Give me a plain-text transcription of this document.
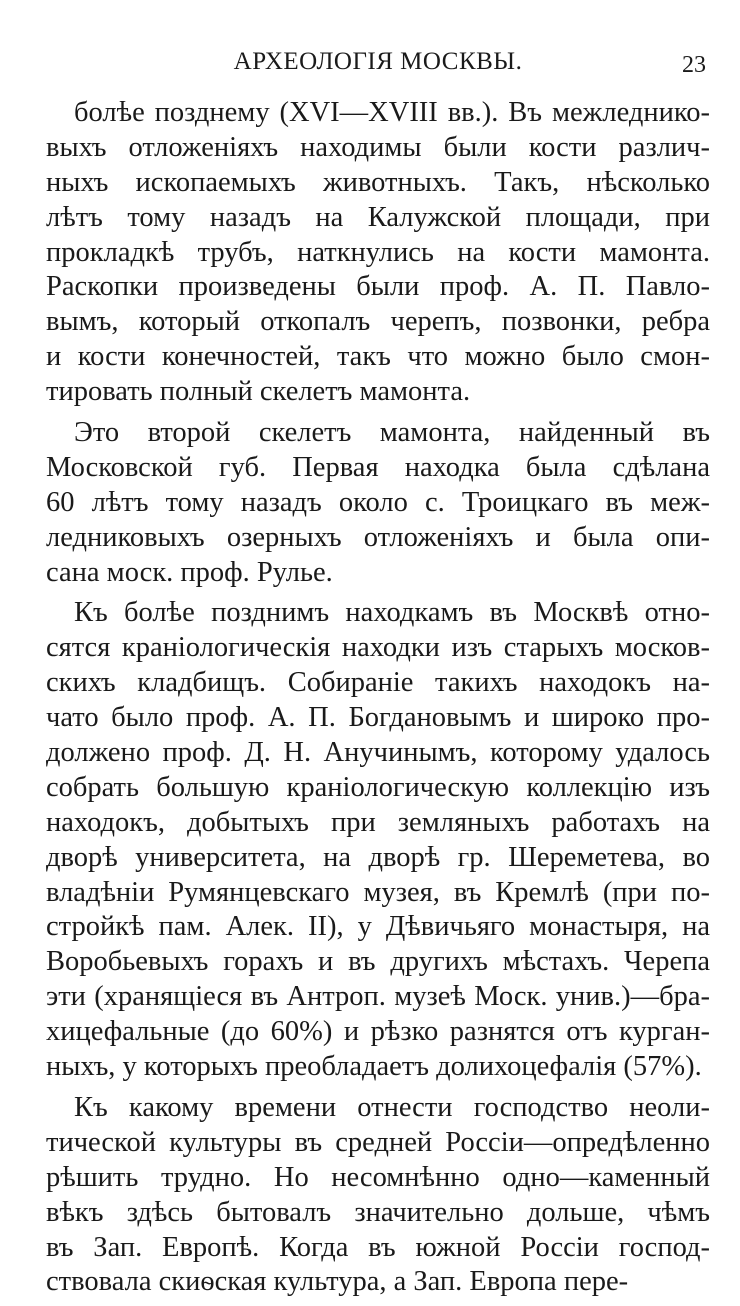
АРХЕОЛОГІЯ МОСКВЫ.	23
болѣе позднему (XVI—XVIII вв.). Въ межледнико-
выхъ отложеніяхъ находимы были кости различ-
ныхъ ископаемыхъ животныхъ. Такъ, нѣсколько
лѣтъ тому назадъ на Калужской площади, при
прокладкѣ трубъ, наткнулись на кости мамонта.
Раскопки произведены были проф. А. П. Павло-
вымъ, который откопалъ черепъ, позвонки, ребра
и кости конечностей, такъ что можно было смон-
тировать полный скелетъ мамонта.
Это второй скелетъ мамонта, найденный въ
Московской губ. Первая находка была сдѣлана
60 лѣтъ тому назадъ около с. Троицкаго въ меж-
ледниковыхъ озерныхъ отложеніяхъ и была опи-
сана моск. проф. Рулье.
Къ болѣе позднимъ находкамъ въ Москвѣ отно-
сятся краніологическія находки изъ старыхъ москов-
скихъ кладбищъ. Собираніе такихъ находокъ на-
чато было проф. А. П. Богдановымъ и широко про-
должено проф. Д. Н. Анучинымъ, которому удалось
собрать большую краніологическую коллекцію изъ
находокъ, добытыхъ при земляныхъ работахъ на
дворѣ университета, на дворѣ гр. Шереметева, во
владѣніи Румянцевскаго музея, въ Кремлѣ (при по-
стройкѣ пам. Алек. II), у Дѣвичьяго монастыря, на
Воробьевыхъ горахъ и въ другихъ мѣстахъ. Черепа
эти (хранящіеся въ Антроп. музеѣ Моск. унив.)—бра-
хицефальные (до 60%) и рѣзко разнятся отъ курган-
ныхъ, у которыхъ преобладаетъ долихоцефалія (57%).
Къ какому времени отнести господство неоли-
тической культуры въ средней Россіи—опредѣленно
рѣшить трудно. Но несомнѣнно одно—каменный
вѣкъ здѣсь бытовалъ значительно дольше, чѣмъ
въ Зап. Европѣ. Когда въ южной Россіи господ-
ствовала скиѳская культура, а Зап. Европа пере-
